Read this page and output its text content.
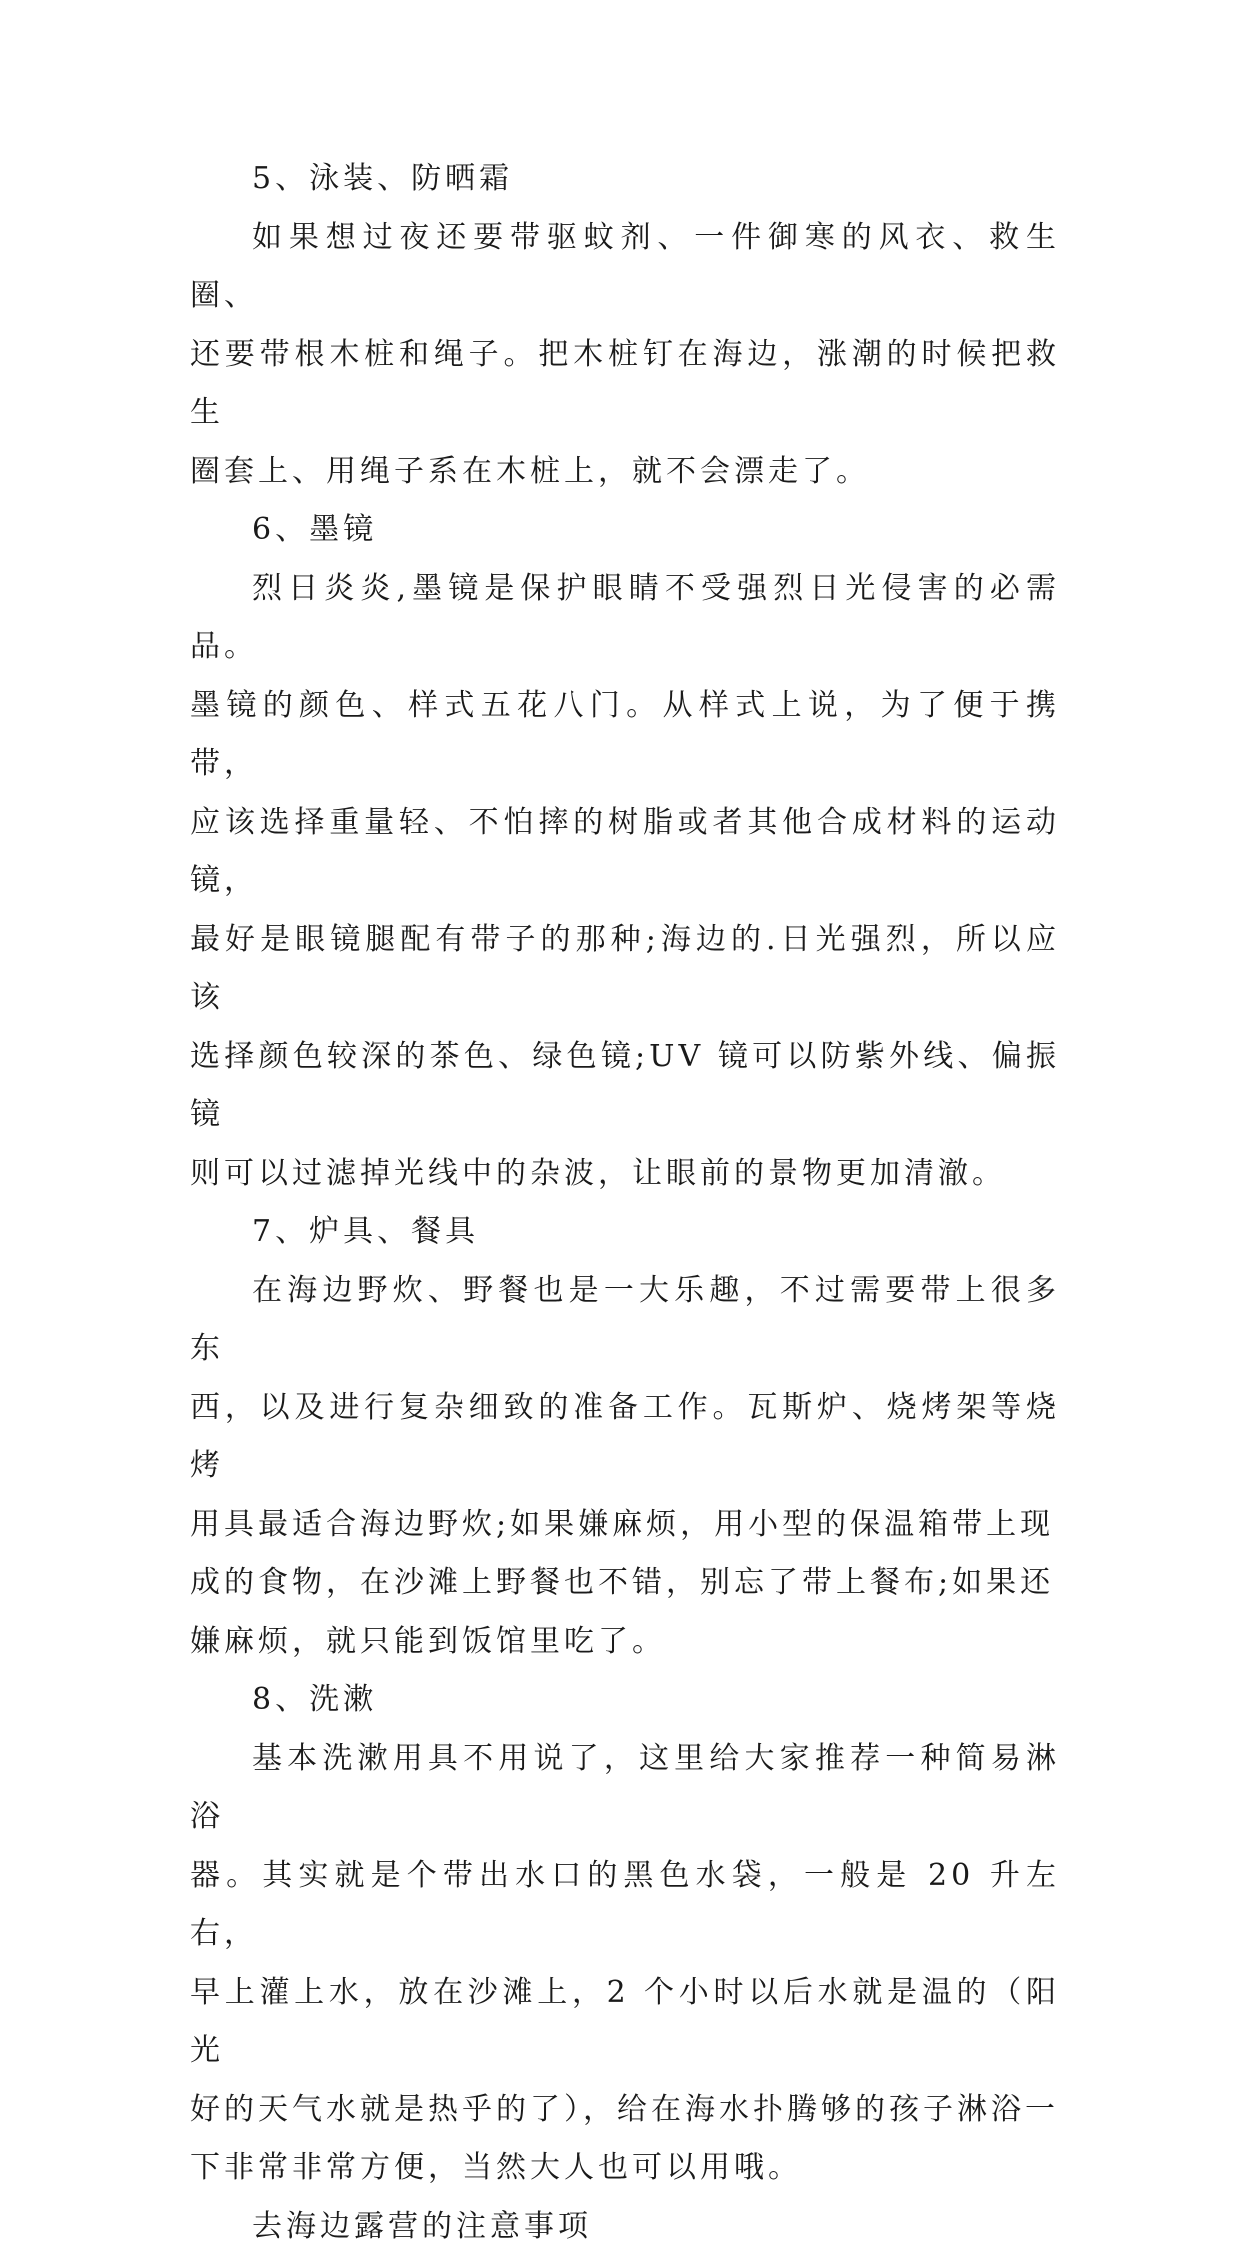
5、泳装、防晒霜

如果想过夜还要带驱蚊剂、一件御寒的风衣、救生圈、
还要带根木桩和绳子。把木桩钉在海边，涨潮的时候把救生
圈套上、用绳子系在木桩上，就不会漂走了。

6、墨镜

烈日炎炎,墨镜是保护眼睛不受强烈日光侵害的必需品。
墨镜的颜色、样式五花八门。从样式上说，为了便于携带，
应该选择重量轻、不怕摔的树脂或者其他合成材料的运动镜，
最好是眼镜腿配有带子的那种;海边的.日光强烈，所以应该
选择颜色较深的茶色、绿色镜;UV 镜可以防紫外线、偏振镜
则可以过滤掉光线中的杂波，让眼前的景物更加清澈。

7、炉具、餐具

在海边野炊、野餐也是一大乐趣，不过需要带上很多东
西，以及进行复杂细致的准备工作。瓦斯炉、烧烤架等烧烤
用具最适合海边野炊;如果嫌麻烦，用小型的保温箱带上现
成的食物，在沙滩上野餐也不错，别忘了带上餐布;如果还
嫌麻烦，就只能到饭馆里吃了。

8、洗漱

基本洗漱用具不用说了，这里给大家推荐一种简易淋浴
器。其实就是个带出水口的黑色水袋，一般是 20 升左右，
早上灌上水，放在沙滩上，2 个小时以后水就是温的（阳光
好的天气水就是热乎的了），给在海水扑腾够的孩子淋浴一
下非常非常方便，当然大人也可以用哦。

去海边露营的注意事项
